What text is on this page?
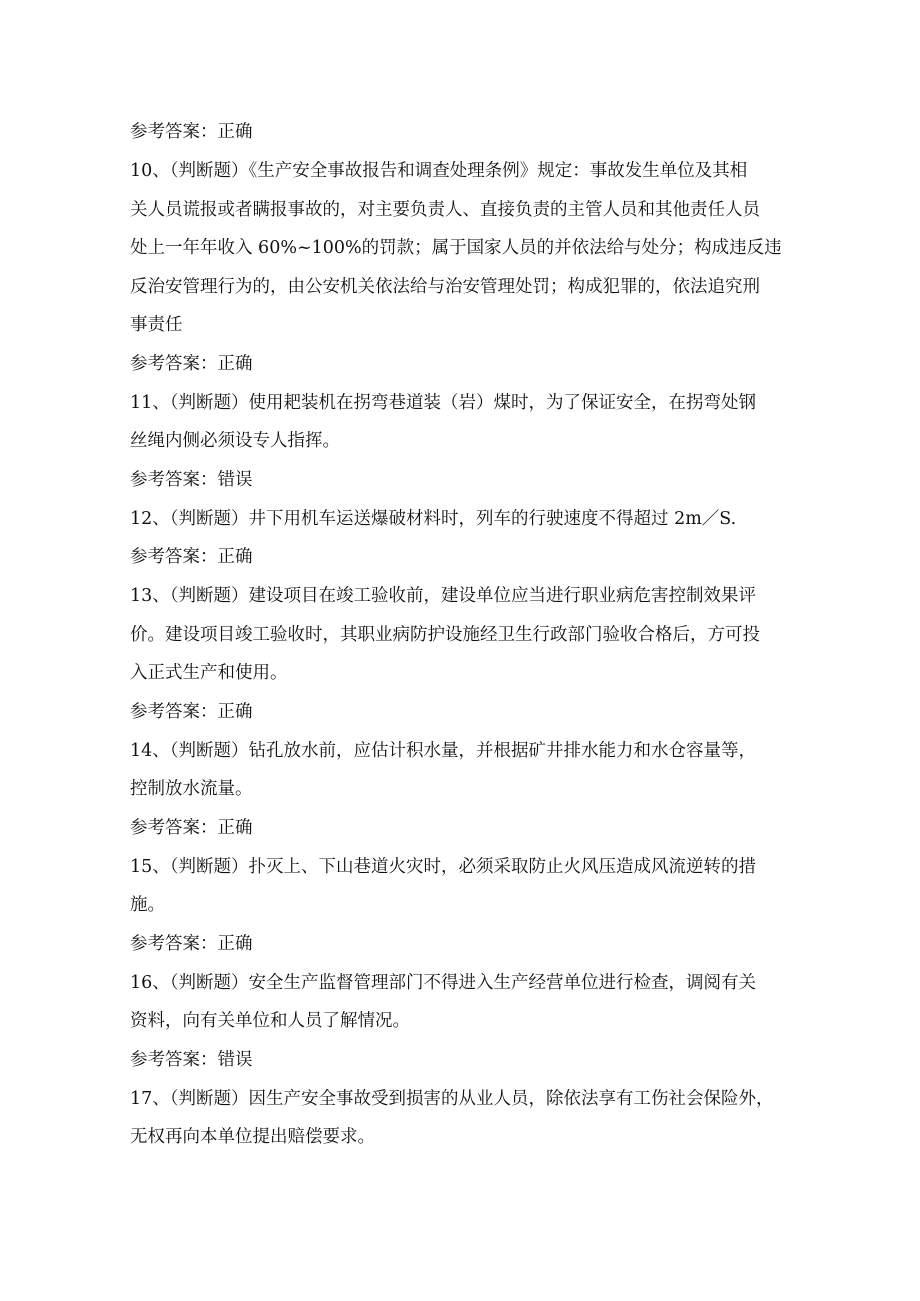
参考答案：正确
10、（判断题）《生产安全事故报告和调查处理条例》规定：事故发生单位及其相
关人员谎报或者瞒报事故的，对主要负责人、直接负责的主管人员和其他责任人员
处上一年年收入 60%~100%的罚款；属于国家人员的并依法给与处分；构成违反违
反治安管理行为的，由公安机关依法给与治安管理处罚；构成犯罪的，依法追究刑
事责任
参考答案：正确
11、（判断题）使用耙装机在拐弯巷道装（岩）煤时，为了保证安全，在拐弯处钢
丝绳内侧必须设专人指挥。
参考答案：错误
12、（判断题）井下用机车运送爆破材料时，列车的行驶速度不得超过 2m／S.
参考答案：正确
13、（判断题）建设项目在竣工验收前，建设单位应当进行职业病危害控制效果评
价。建设项目竣工验收时，其职业病防护设施经卫生行政部门验收合格后，方可投
入正式生产和使用。
参考答案：正确
14、（判断题）钻孔放水前，应估计积水量，并根据矿井排水能力和水仓容量等，
控制放水流量。
参考答案：正确
15、（判断题）扑灭上、下山巷道火灾时，必须采取防止火风压造成风流逆转的措
施。
参考答案：正确
16、（判断题）安全生产监督管理部门不得进入生产经营单位进行检查，调阅有关
资料，向有关单位和人员了解情况。
参考答案：错误
17、（判断题）因生产安全事故受到损害的从业人员，除依法享有工伤社会保险外，
无权再向本单位提出赔偿要求。
